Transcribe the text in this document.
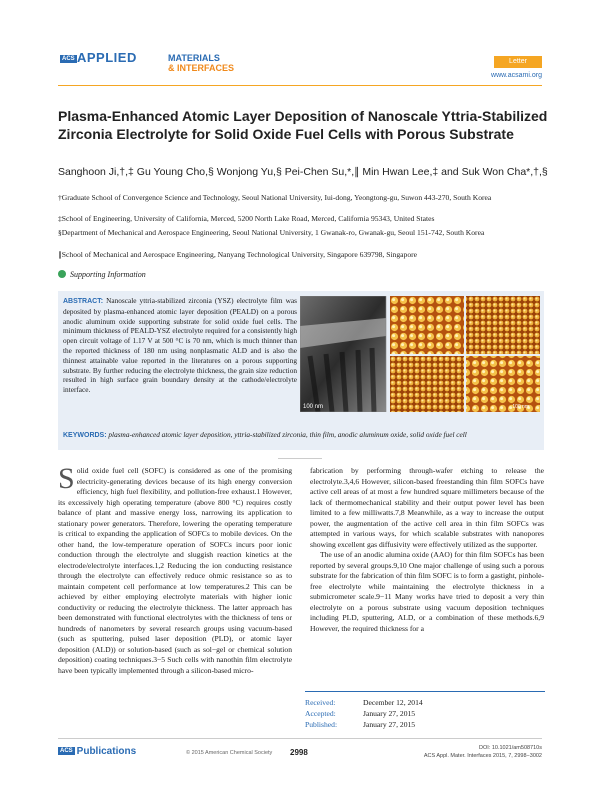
ACS APPLIED	MATERIALS
& INTERFACES
Letter
www.acsami.org
Plasma-Enhanced Atomic Layer Deposition of Nanoscale Yttria-Stabilized Zirconia Electrolyte for Solid Oxide Fuel Cells with Porous Substrate
Sanghoon Ji,†,‡ Gu Young Cho,§ Wonjong Yu,§ Pei-Chen Su,*,∥ Min Hwan Lee,‡ and Suk Won Cha*,†,§
†Graduate School of Convergence Science and Technology, Seoul National University, Iui-dong, Yeongtong-gu, Suwon 443-270, South Korea
‡School of Engineering, University of California, Merced, 5200 North Lake Road, Merced, California 95343, United States
§Department of Mechanical and Aerospace Engineering, Seoul National University, 1 Gwanak-ro, Gwanak-gu, Seoul 151-742, South Korea
∥School of Mechanical and Aerospace Engineering, Nanyang Technological University, Singapore 639798, Singapore
Supporting Information
ABSTRACT: Nanoscale yttria-stabilized zirconia (YSZ) electrolyte film was deposited by plasma-enhanced atomic layer deposition (PEALD) on a porous anodic aluminum oxide supporting substrate for solid oxide fuel cells. The minimum thickness of PEALD-YSZ electrolyte required for a consistently high open circuit voltage of 1.17 V at 500 °C is 70 nm, which is much thinner than the reported thickness of 180 nm using nonplasmatic ALD and is also the thinnest attainable value reported in the literatures on a porous supporting substrate. By further reducing the electrolyte thickness, the grain size reduction resulted in high surface grain boundary density at the cathode/electrolyte interface.
100 nm	100 nm
KEYWORDS: plasma-enhanced atomic layer deposition, yttria-stabilized zirconia, thin film, anodic aluminum oxide, solid oxide fuel cell

Solid oxide fuel cell (SOFC) is considered as one of the promising electricity-generating devices because of its high energy conversion efficiency, high fuel flexibility, and pollution-free exhaust.1 However, its excessively high operating temperature (above 800 °C) requires costly balance of plant and massive energy loss, narrowing its application to stationary power generators. Therefore, lowering the operating temperature is critical to expanding the application of SOFCs to mobile devices. On the other hand, the low-temperature operation of SOFCs incurs poor ionic conduction through the electrolyte and sluggish reaction kinetics at the electrode/electrolyte interfaces.1,2 Reducing the ion conducting resistance through the electrolyte can effectively reduce ohmic resistance so as to maintain competent cell performance at low temperatures.2 This can be achieved by either employing electrolyte materials with higher ionic conductivity or reducing the electrolyte thickness. The latter approach has been demonstrated with functional electrolytes with the thickness of tens or hundreds of nanometers by several research groups using vacuum-based (such as sputtering, pulsed laser deposition (PLD), or atomic layer deposition (ALD)) or solution-based (such as sol−gel or chemical solution deposition) coating techniques.3−5 Such cells with nanothin film electrolyte have been typically implemented through a silicon-based micro-

fabrication by performing through-wafer etching to release the electrolyte.3,4,6 However, silicon-based freestanding thin film SOFCs have active cell areas of at most a few hundred square millimeters because of the lack of thermomechanical stability and their output power level has been limited to a few milliwatts.7,8 Meanwhile, as a way to increase the output power, the augmentation of the active cell area in thin film SOFCs was attempted in various ways, for which scalable substrates with nanopores showing excellent gas diffusivity were effectively utilized as the supporter.

The use of an anodic alumina oxide (AAO) for thin film SOFCs has been reported by several groups.9,10 One major challenge of using such a porous substrate for the fabrication of thin film SOFC is to form a gastight, pinhole-free electrolyte while maintaining the electrolyte thickness in a submicrometer scale.9−11 Many works have tried to deposit a very thin electrolyte on a porous substrate using vacuum deposition techniques including PLD, sputtering, ALD, or a combination of these methods.6,9 However, the required thickness for a

Received:	December 12, 2014
Accepted:	January 27, 2015
Published:	January 27, 2015
ACS Publications	© 2015 American Chemical Society 2998	DOI: 10.1021/am508710s
ACS Appl. Mater. Interfaces 2015, 7, 2998−3002
